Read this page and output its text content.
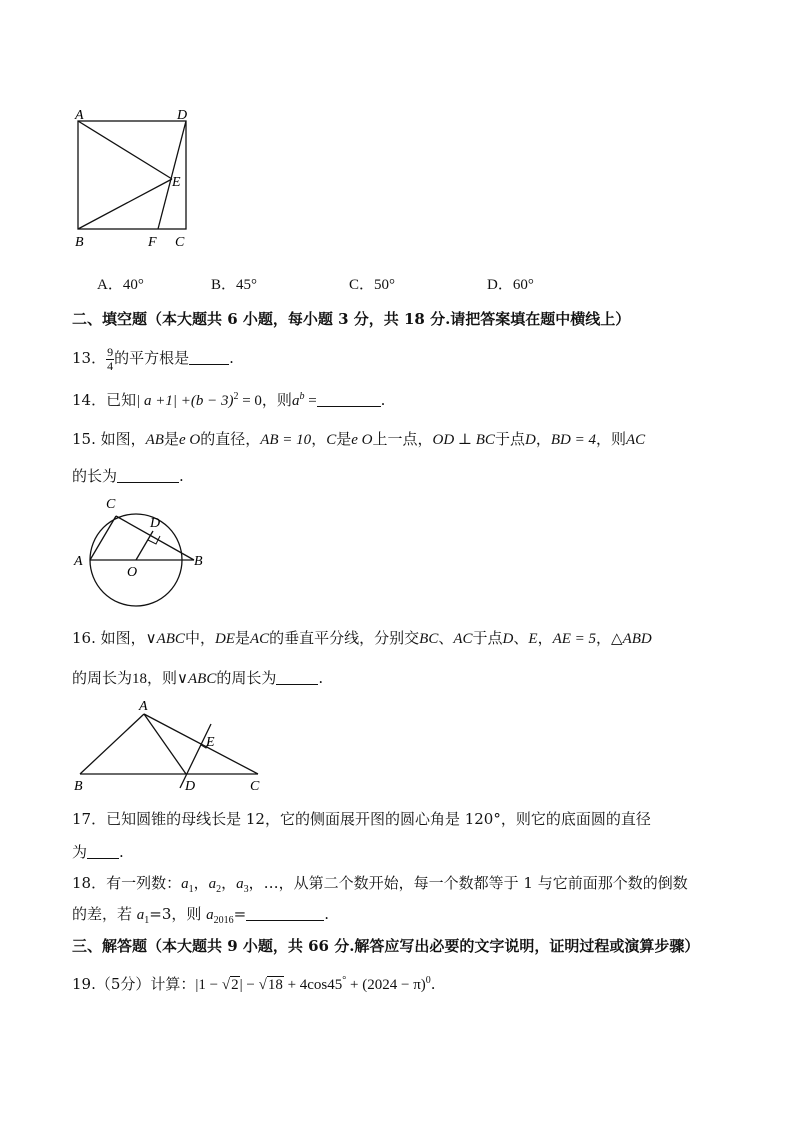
A	D
E
B	F C
A．40°	B．45°	C．50°	D．60°
二、填空题（本大题共 6 小题，每小题 3 分，共 18 分.请把答案填在题中横线上）
13． $\frac{9}{4}$ 的平方根是	.
14．已知| $a +1| +(b - 3)^2 = 0$，则$a^b$ =	.
15. 如图，AB是e O的直径，AB = 10，C是e O上一点，OD ⊥ BC于点D，BD = 4，则AC
的长为	.
C
D
A
O
B
16. 如图，∨ABC中，DE是AC的垂直平分线，分别交BC、AC于点D、E，AE = 5，△ABD
的周长为18，则∨ABC的周长为	.
A
E
B	D	C
17．已知圆锥的母线长是 12，它的侧面展开图的圆心角是 120°，则它的底面圆的直径
为 .
18．有一列数：$a_1$，$a_2$，$a_3$，…，从第二个数开始，每一个数都等于 1 与它前面那个数的倒数
的差，若 $a_1=3$，则 $a_{2016}=$	.
三、解答题（本大题共 9 小题，共 66 分.解答应写出必要的文字说明，证明过程或演算步骤）
19.（5分）计算：$|1 - √2| - √18 + 4\cos 45^\circ + (2024 - \pi)^0$.
